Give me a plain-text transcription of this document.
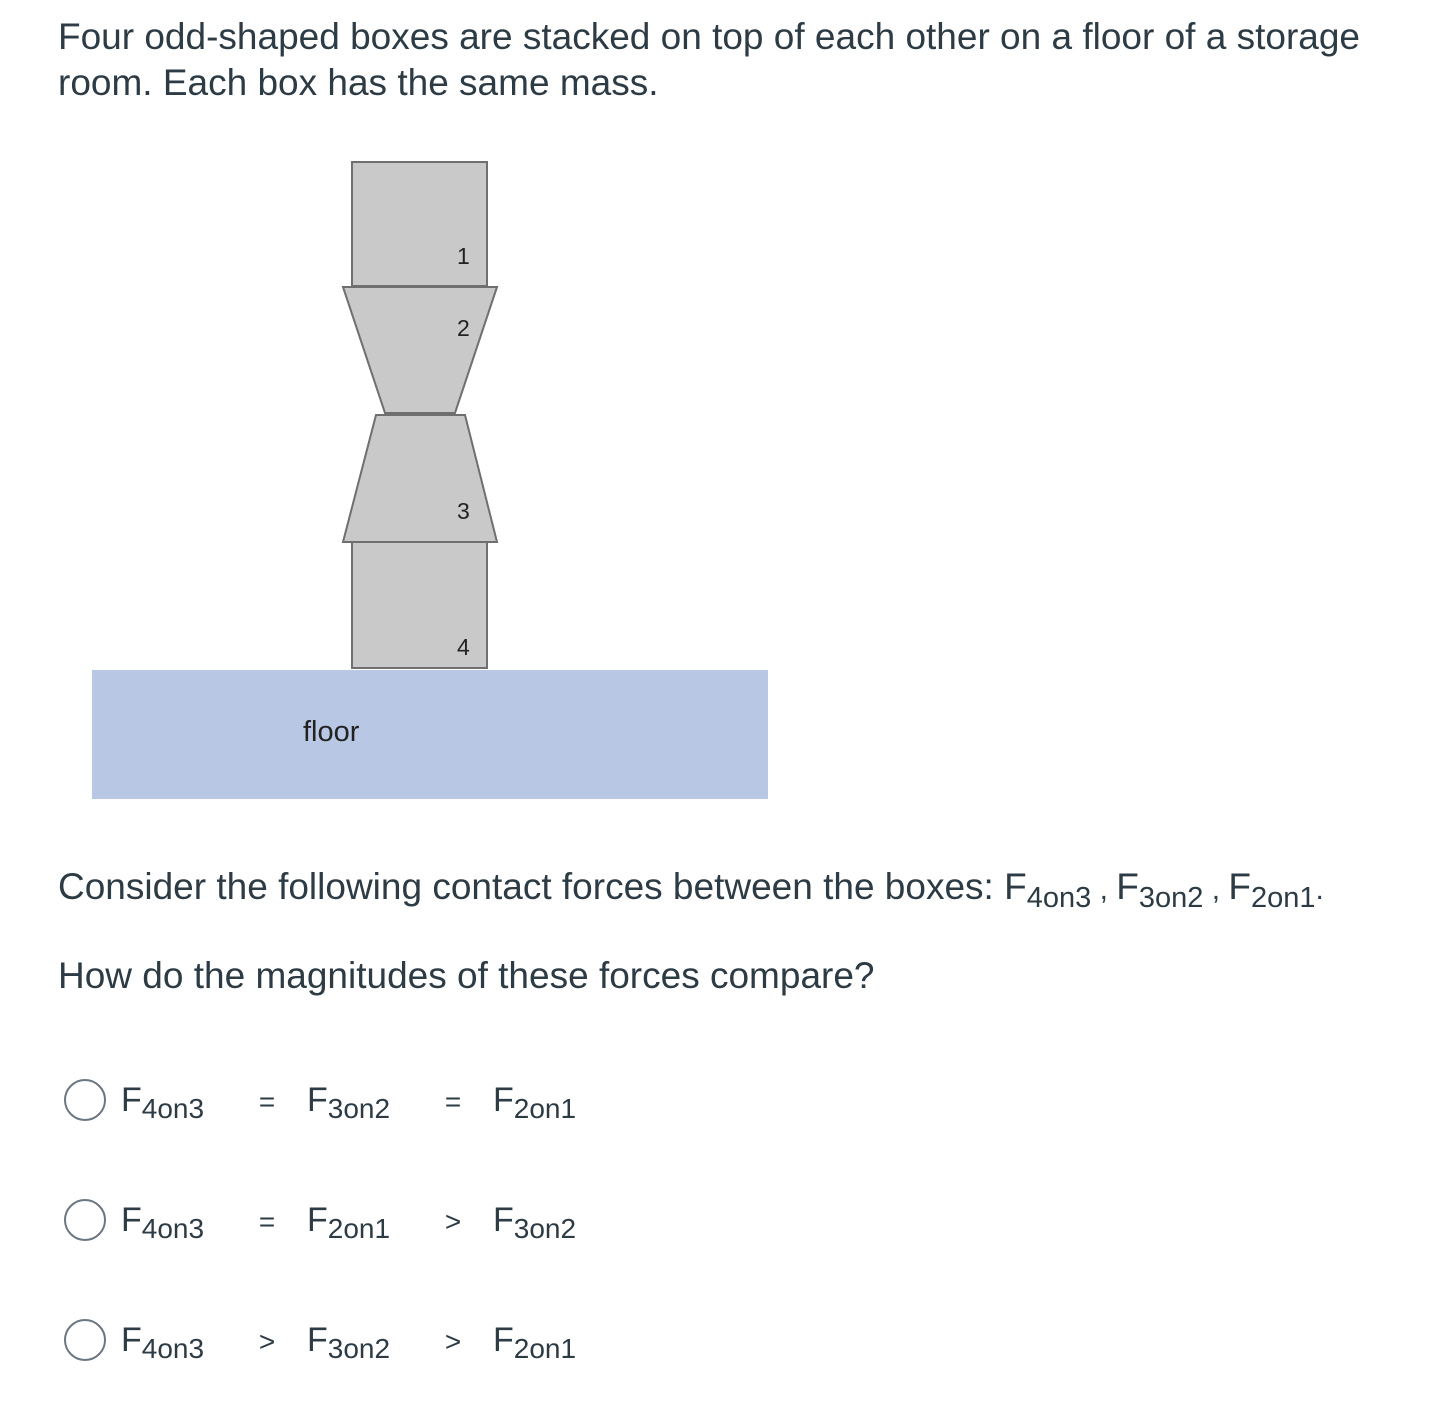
Four odd-shaped boxes are stacked on top of each other on a floor of a storage room. Each box has the same mass.

1
2
3
4
floor

Consider the following contact forces between the boxes: $F_{4on3}$ , $F_{3on2}$ , $F_{2on1}$.

How do the magnitudes of these forces compare?

$F_{4on3}$	= $F_{3on2}$	= $F_{2on1}$
$F_{4on3}$	= $F_{2on1}$	> $F_{3on2}$
$F_{4on3}$	> $F_{3on2}$	> $F_{2on1}$
